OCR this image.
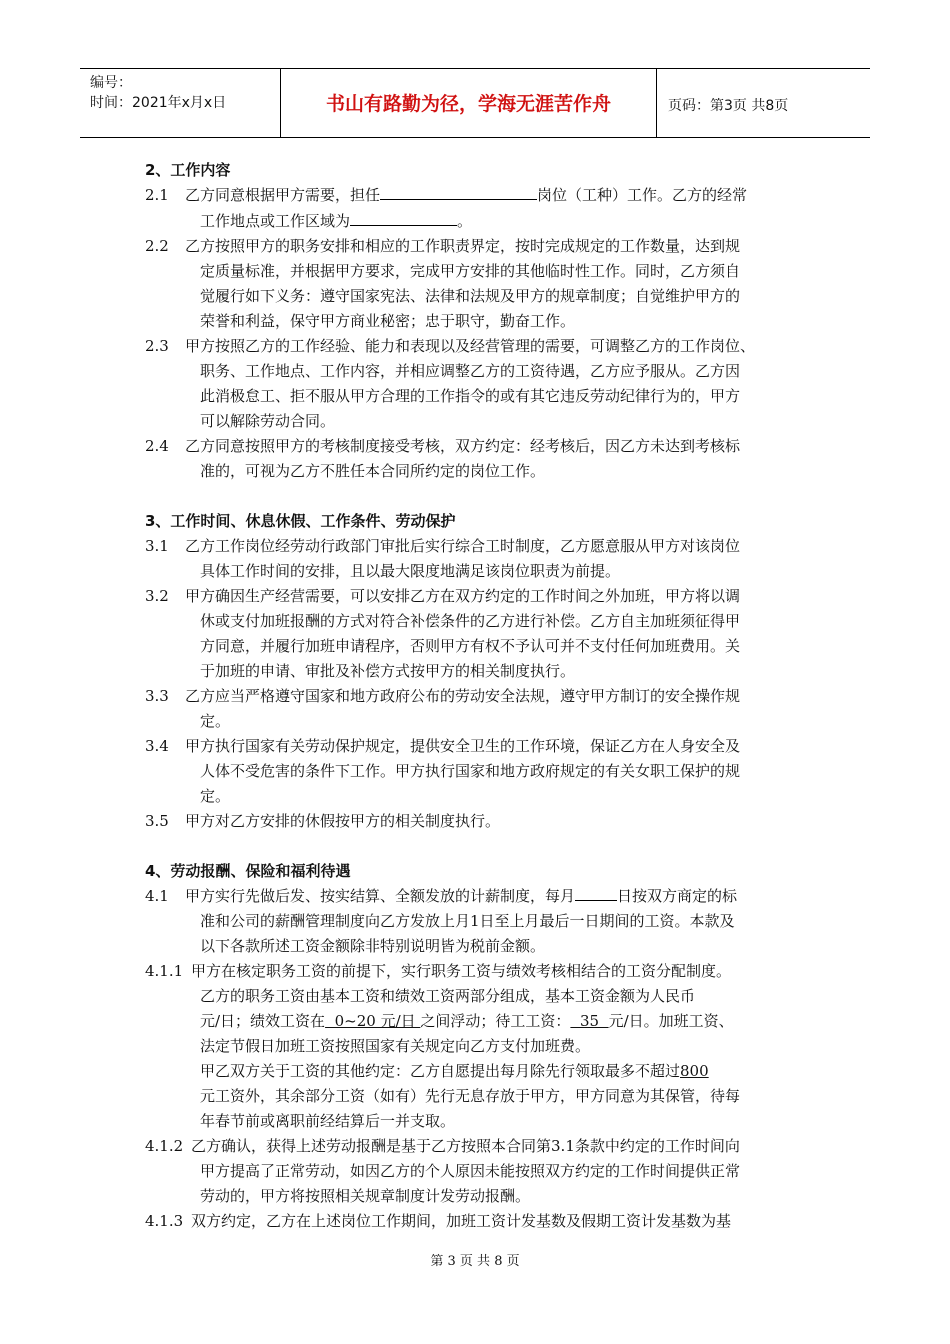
编号：
时间：2021年x月x日	书山有路勤为径，学海无涯苦作舟	页码：第3页 共8页
2、工作内容
2.1 乙方同意根据甲方需要，担任	岗位（工种）工作。乙方的经常
工作地点或工作区域为	。
2.2 乙方按照甲方的职务安排和相应的工作职责界定，按时完成规定的工作数量，达到规
定质量标准，并根据甲方要求，完成甲方安排的其他临时性工作。同时，乙方须自
觉履行如下义务：遵守国家宪法、法律和法规及甲方的规章制度；自觉维护甲方的
荣誉和利益，保守甲方商业秘密；忠于职守，勤奋工作。
2.3 甲方按照乙方的工作经验、能力和表现以及经营管理的需要，可调整乙方的工作岗位、
职务、工作地点、工作内容，并相应调整乙方的工资待遇，乙方应予服从。乙方因
此消极怠工、拒不服从甲方合理的工作指令的或有其它违反劳动纪律行为的，甲方
可以解除劳动合同。
2.4 乙方同意按照甲方的考核制度接受考核，双方约定：经考核后，因乙方未达到考核标
准的，可视为乙方不胜任本合同所约定的岗位工作。
3、工作时间、休息休假、工作条件、劳动保护
3.1 乙方工作岗位经劳动行政部门审批后实行综合工时制度，乙方愿意服从甲方对该岗位
具体工作时间的安排，且以最大限度地满足该岗位职责为前提。
3.2 甲方确因生产经营需要，可以安排乙方在双方约定的工作时间之外加班，甲方将以调
休或支付加班报酬的方式对符合补偿条件的乙方进行补偿。乙方自主加班须征得甲
方同意，并履行加班申请程序，否则甲方有权不予认可并不支付任何加班费用。关
于加班的申请、审批及补偿方式按甲方的相关制度执行。
3.3 乙方应当严格遵守国家和地方政府公布的劳动安全法规，遵守甲方制订的安全操作规
定。
3.4 甲方执行国家有关劳动保护规定，提供安全卫生的工作环境，保证乙方在人身安全及
人体不受危害的条件下工作。甲方执行国家和地方政府规定的有关女职工保护的规
定。
3.5 甲方对乙方安排的休假按甲方的相关制度执行。
4、劳动报酬、保险和福利待遇
4.1 甲方实行先做后发、按实结算、全额发放的计薪制度，每月	日按双方商定的标
准和公司的薪酬管理制度向乙方发放上月1日至上月最后一日期间的工资。本款及
以下各款所述工资金额除非特别说明皆为税前金额。
4.1.1 甲方在核定职务工资的前提下，实行职务工资与绩效考核相结合的工资分配制度。
乙方的职务工资由基本工资和绩效工资两部分组成，基本工资金额为人民币
元/日；绩效工资在  0~20 元/日 之间浮动；待工工资：  35  元/日。加班工资、
法定节假日加班工资按照国家有关规定向乙方支付加班费。
甲乙双方关于工资的其他约定：乙方自愿提出每月除先行领取最多不超过800
元工资外，其余部分工资（如有）先行无息存放于甲方，甲方同意为其保管，待每
年春节前或离职前经结算后一并支取。
4.1.2 乙方确认，获得上述劳动报酬是基于乙方按照本合同第3.1条款中约定的工作时间向
甲方提高了正常劳动，如因乙方的个人原因未能按照双方约定的工作时间提供正常
劳动的，甲方将按照相关规章制度计发劳动报酬。
4.1.3 双方约定，乙方在上述岗位工作期间，加班工资计发基数及假期工资计发基数为基
第 3 页 共 8 页
